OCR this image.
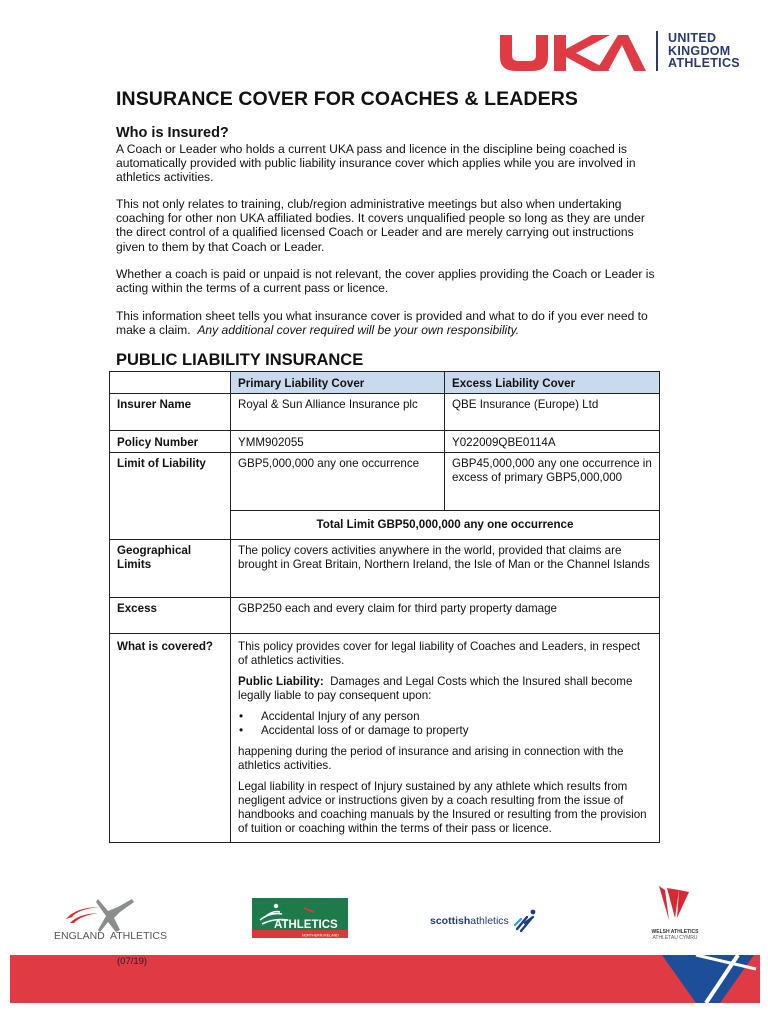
UNITED
KINGDOM
ATHLETICS
INSURANCE COVER FOR COACHES & LEADERS
Who is Insured?

A Coach or Leader who holds a current UKA pass and licence in the discipline being coached is automatically provided with public liability insurance cover which applies while you are involved in athletics activities.

This not only relates to training, club/region administrative meetings but also when undertaking coaching for other non UKA affiliated bodies. It covers unqualified people so long as they are under the direct control of a qualified licensed Coach or Leader and are merely carrying out instructions given to them by that Coach or Leader.

Whether a coach is paid or unpaid is not relevant, the cover applies providing the Coach or Leader is acting within the terms of a current pass or licence.

This information sheet tells you what insurance cover is provided and what to do if you ever need to make a claim. Any additional cover required will be your own responsibility.

PUBLIC LIABILITY INSURANCE
	Primary Liability Cover	Excess Liability Cover
Insurer Name	Royal & Sun Alliance Insurance plc	QBE Insurance (Europe) Ltd
Policy Number	YMM902055	Y022009QBE0114A
Limit of Liability	GBP5,000,000 any one occurrence	GBP45,000,000 any one occurrence in excess of primary GBP5,000,000
	Total Limit GBP50,000,000 any one occurrence	
Geographical Limits	The policy covers activities anywhere in the world, provided that claims are brought in Great Britain, Northern Ireland, the Isle of Man or the Channel Islands	
Excess	GBP250 each and every claim for third party property damage	
What is covered?	This policy provides cover for legal liability of Coaches and Leaders, in respect of athletics activities.

Public Liability: Damages and Legal Costs which the Insured shall become legally liable to pay consequent upon:

• Accidental Injury of any person
• Accidental loss of or damage to property

happening during the period of insurance and arising in connection with the athletics activities.

Legal liability in respect of Injury sustained by any athlete which results from negligent advice or instructions given by a coach resulting from the issue of handbooks and coaching manuals by the Insured or resulting from the provision of tuition or coaching within the terms of their pass or licence.

ENGLAND ATHLETICS
ATHLETICS
NORTHERN IRELAND
scottish athletics
WELSH ATHLETICS
ATHLETAU CYMRU
(07/19)
